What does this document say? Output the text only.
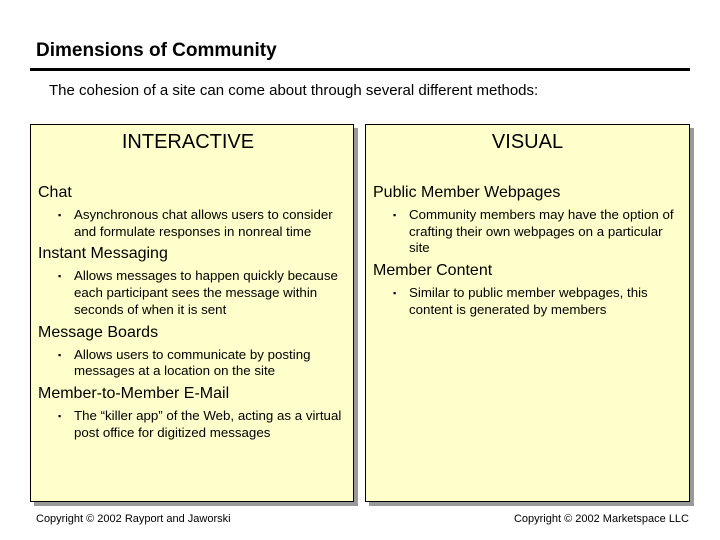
Dimensions of Community
The cohesion of a site can come about through several different methods:
INTERACTIVE
Chat
▪ Asynchronous chat allows users to consider and formulate responses in nonreal time
Instant Messaging
▪ Allows messages to happen quickly because each participant sees the message within seconds of when it is sent
Message Boards
▪ Allows users to communicate by posting messages at a location on the site
Member-to-Member E-Mail
▪ The “killer app” of the Web, acting as a virtual post office for digitized messages
VISUAL
Public Member Webpages
▪ Community members may have the option of crafting their own webpages on a particular site
Member Content
▪ Similar to public member webpages, this content is generated by members
Copyright © 2002 Rayport and Jaworski	Copyright © 2002 Marketspace LLC
